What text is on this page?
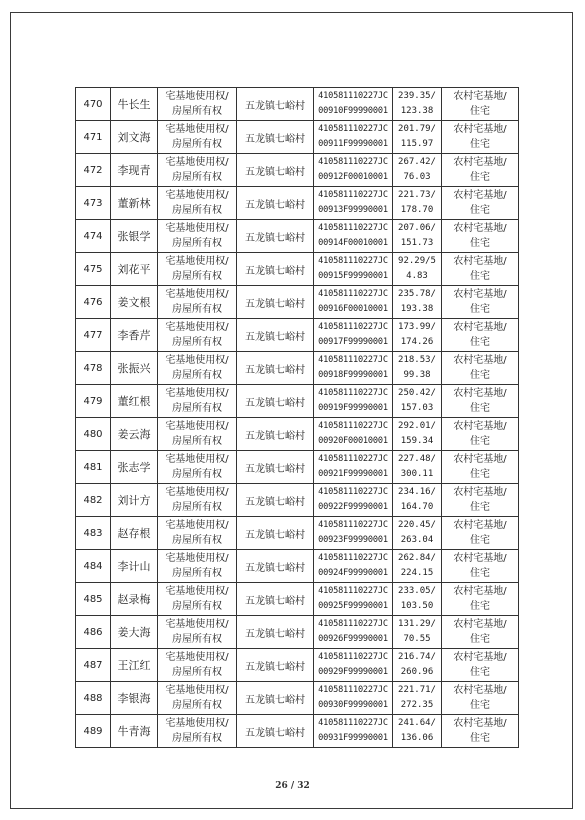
470	牛长生	宅基地使用权/
房屋所有权	五龙镇七峪村	410581110227JC
00910F99990001	239.35/
123.38	农村宅基地/
住宅

471	刘文海	宅基地使用权/
房屋所有权	五龙镇七峪村	410581110227JC
00911F99990001	201.79/
115.97	农村宅基地/
住宅

472	李现青	宅基地使用权/
房屋所有权	五龙镇七峪村	410581110227JC
00912F00010001	267.42/
76.03	农村宅基地/
住宅

473	董新林	宅基地使用权/
房屋所有权	五龙镇七峪村	410581110227JC
00913F99990001	221.73/
178.70	农村宅基地/
住宅

474	张银学	宅基地使用权/
房屋所有权	五龙镇七峪村	410581110227JC
00914F00010001	207.06/
151.73	农村宅基地/
住宅

475	刘花平	宅基地使用权/
房屋所有权	五龙镇七峪村	410581110227JC
00915F99990001	92.29/5
4.83	农村宅基地/
住宅

476	姜文根	宅基地使用权/
房屋所有权	五龙镇七峪村	410581110227JC
00916F00010001	235.78/
193.38	农村宅基地/
住宅

477	李香芹	宅基地使用权/
房屋所有权	五龙镇七峪村	410581110227JC
00917F99990001	173.99/
174.26	农村宅基地/
住宅

478	张振兴	宅基地使用权/
房屋所有权	五龙镇七峪村	410581110227JC
00918F99990001	218.53/
99.38	农村宅基地/
住宅

479	董红根	宅基地使用权/
房屋所有权	五龙镇七峪村	410581110227JC
00919F99990001	250.42/
157.03	农村宅基地/
住宅

480	姜云海	宅基地使用权/
房屋所有权	五龙镇七峪村	410581110227JC
00920F00010001	292.01/
159.34	农村宅基地/
住宅

481	张志学	宅基地使用权/
房屋所有权	五龙镇七峪村	410581110227JC
00921F99990001	227.48/
300.11	农村宅基地/
住宅

482	刘计方	宅基地使用权/
房屋所有权	五龙镇七峪村	410581110227JC
00922F99990001	234.16/
164.70	农村宅基地/
住宅

483	赵存根	宅基地使用权/
房屋所有权	五龙镇七峪村	410581110227JC
00923F99990001	220.45/
263.04	农村宅基地/
住宅

484	李计山	宅基地使用权/
房屋所有权	五龙镇七峪村	410581110227JC
00924F99990001	262.84/
224.15	农村宅基地/
住宅

485	赵录梅	宅基地使用权/
房屋所有权	五龙镇七峪村	410581110227JC
00925F99990001	233.05/
103.50	农村宅基地/
住宅

486	姜大海	宅基地使用权/
房屋所有权	五龙镇七峪村	410581110227JC
00926F99990001	131.29/
70.55	农村宅基地/
住宅

487	王江红	宅基地使用权/
房屋所有权	五龙镇七峪村	410581110227JC
00929F99990001	216.74/
260.96	农村宅基地/
住宅

488	李银海	宅基地使用权/
房屋所有权	五龙镇七峪村	410581110227JC
00930F99990001	221.71/
272.35	农村宅基地/
住宅

489	牛青海	宅基地使用权/
房屋所有权	五龙镇七峪村	410581110227JC
00931F99990001	241.64/
136.06	农村宅基地/
住宅
26 / 32
